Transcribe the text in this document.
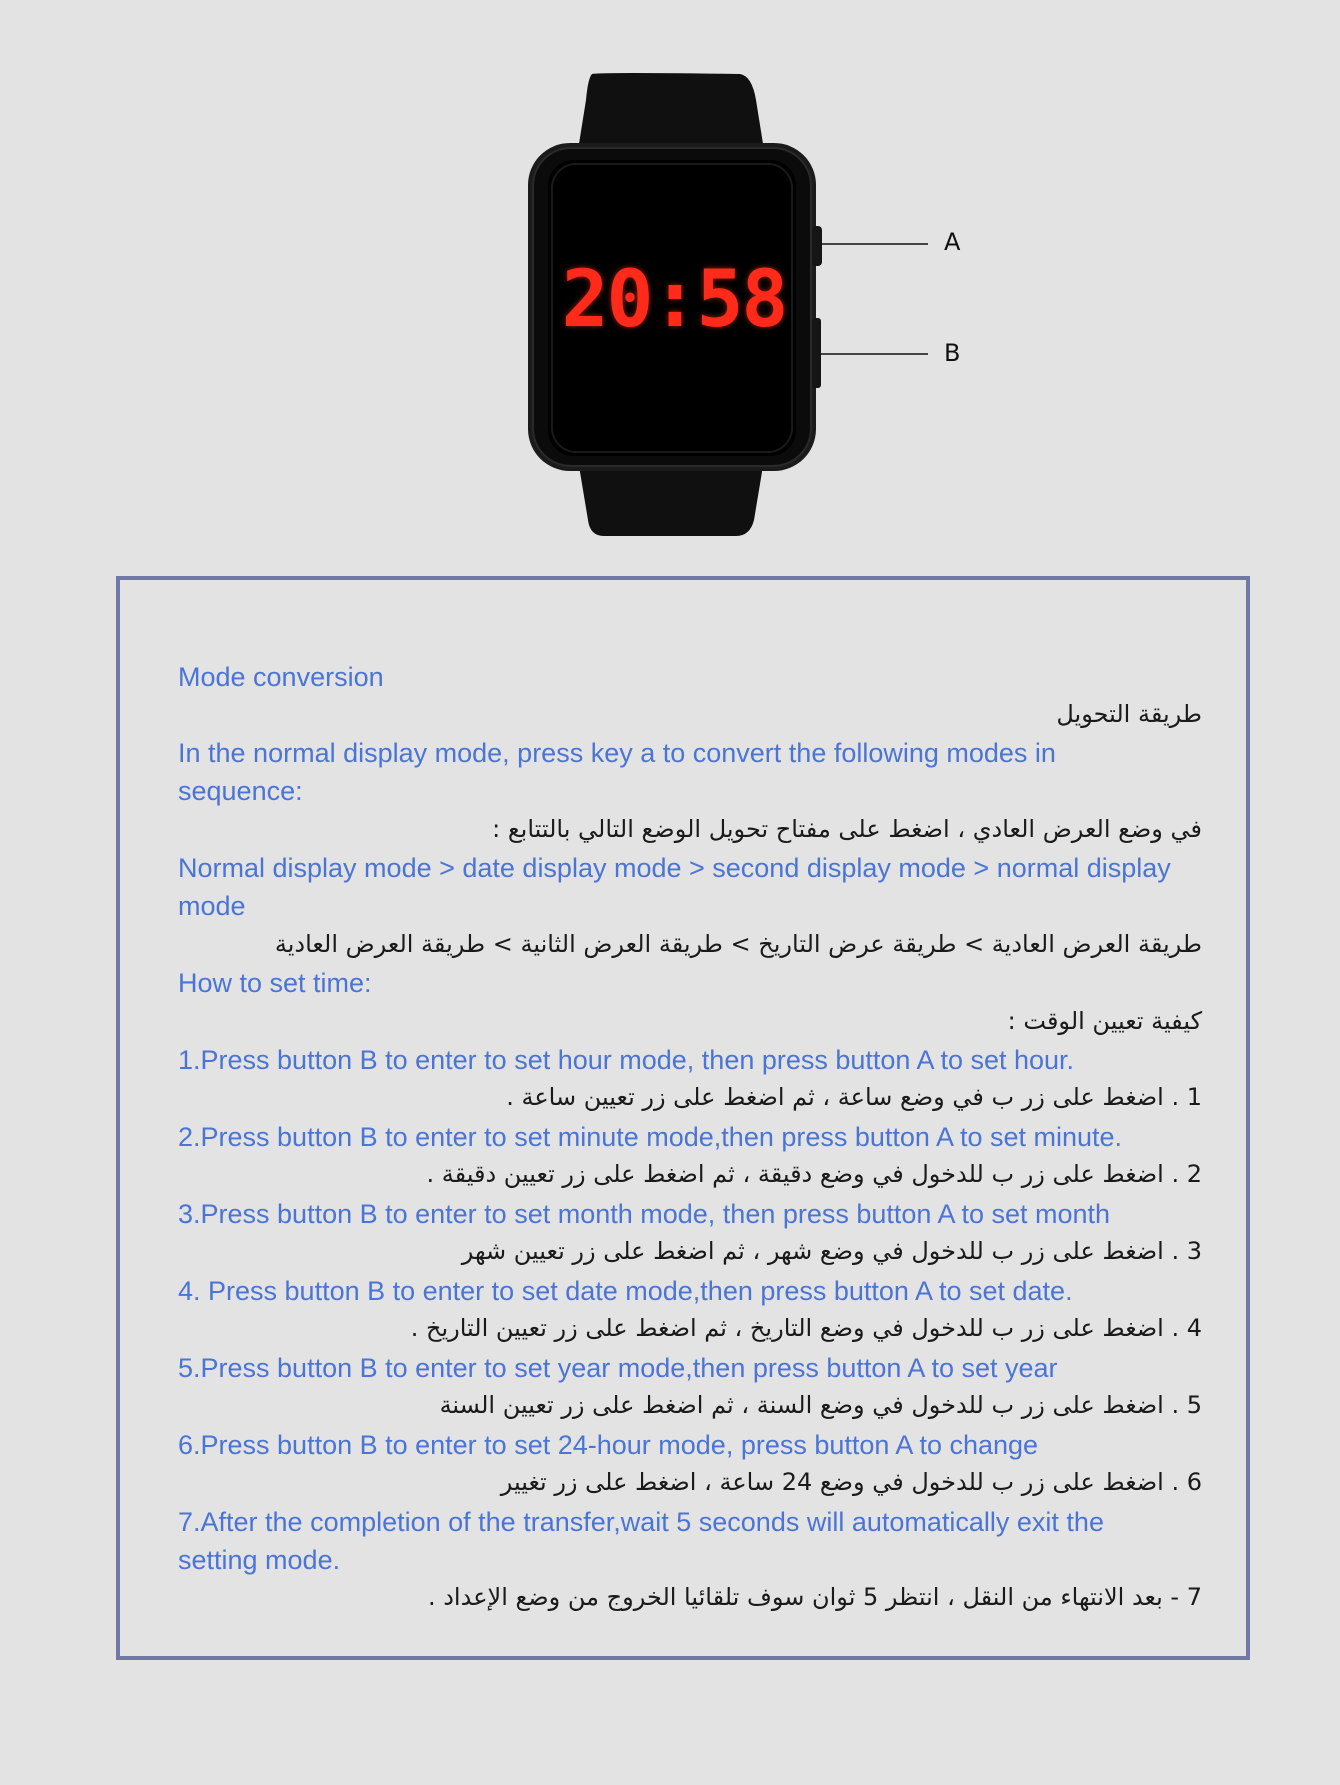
20:58
A
B
Mode conversion
طريقة التحويل
In the normal display mode, press key a to convert the following modes in sequence:
في وضع العرض العادي ، اضغط على مفتاح تحويل الوضع التالي بالتتابع :
Normal display mode > date display mode > second display mode > normal display mode
طريقة العرض العادية > طريقة عرض التاريخ > طريقة العرض الثانية > طريقة العرض العادية
How to set time:
كيفية تعيين الوقت :
1.Press button B to enter to set hour mode, then press button A to set hour.
1 . اضغط على زر ب في وضع ساعة ، ثم اضغط على زر تعيين ساعة .
2.Press button B to enter to set minute mode,then press button A to set minute.
2 . اضغط على زر ب للدخول في وضع دقيقة ، ثم اضغط على زر تعيين دقيقة .
3.Press button B to enter to set month mode, then press button A to set month
3 . اضغط على زر ب للدخول في وضع شهر ، ثم اضغط على زر تعيين شهر
4. Press button B to enter to set date mode,then press button A to set date.
4 . اضغط على زر ب للدخول في وضع التاريخ ، ثم اضغط على زر تعيين التاريخ .
5.Press button B to enter to set year mode,then press button A to set year
5 . اضغط على زر ب للدخول في وضع السنة ، ثم اضغط على زر تعيين السنة
6.Press button B to enter to set 24-hour mode, press button A to change
6 . اضغط على زر ب للدخول في وضع 24 ساعة ، اضغط على زر تغيير
7.After the completion of the transfer,wait 5 seconds will automatically exit the setting mode.
7 - بعد الانتهاء من النقل ، انتظر 5 ثوان سوف تلقائيا الخروج من وضع الإعداد .
